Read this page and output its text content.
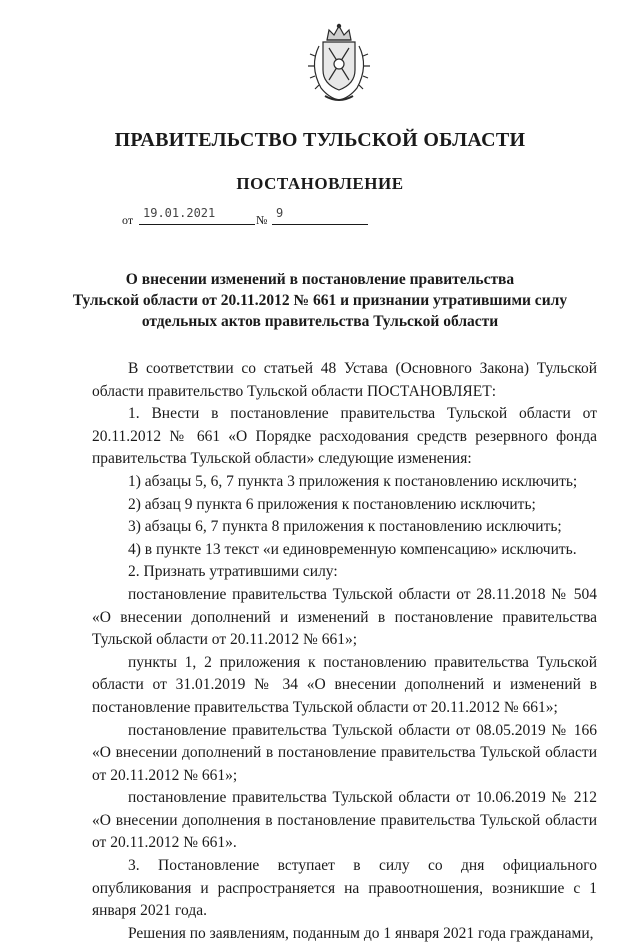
ПРАВИТЕЛЬСТВО ТУЛЬСКОЙ ОБЛАСТИ
ПОСТАНОВЛЕНИЕ
от 19.01.2021	№ 9
О внесении изменений в постановление правительства
Тульской области от 20.11.2012 № 661 и признании утратившими силу
отдельных актов правительства Тульской области

В соответствии со статьей 48 Устава (Основного Закона) Тульской области правительство Тульской области ПОСТАНОВЛЯЕТ:

1. Внести в постановление правительства Тульской области от 20.11.2012 № 661 «О Порядке расходования средств резервного фонда правительства Тульской области» следующие изменения:

1) абзацы 5, 6, 7 пункта 3 приложения к постановлению исключить;

2) абзац 9 пункта 6 приложения к постановлению исключить;

3) абзацы 6, 7 пункта 8 приложения к постановлению исключить;

4) в пункте 13 текст «и единовременную компенсацию» исключить.

2. Признать утратившими силу:

постановление правительства Тульской области от 28.11.2018 № 504 «О внесении дополнений и изменений в постановление правительства Тульской области от 20.11.2012 № 661»;

пункты 1, 2 приложения к постановлению правительства Тульской области от 31.01.2019 № 34 «О внесении дополнений и изменений в постановление правительства Тульской области от 20.11.2012 № 661»;

постановление правительства Тульской области от 08.05.2019 № 166 «О внесении дополнений в постановление правительства Тульской области от 20.11.2012 № 661»;

постановление правительства Тульской области от 10.06.2019 № 212 «О внесении дополнения в постановление правительства Тульской области от 20.11.2012 № 661».

3. Постановление вступает в силу со дня официального опубликования и распространяется на правоотношения, возникшие с 1 января 2021 года.

Решения по заявлениям, поданным до 1 января 2021 года гражданами,
